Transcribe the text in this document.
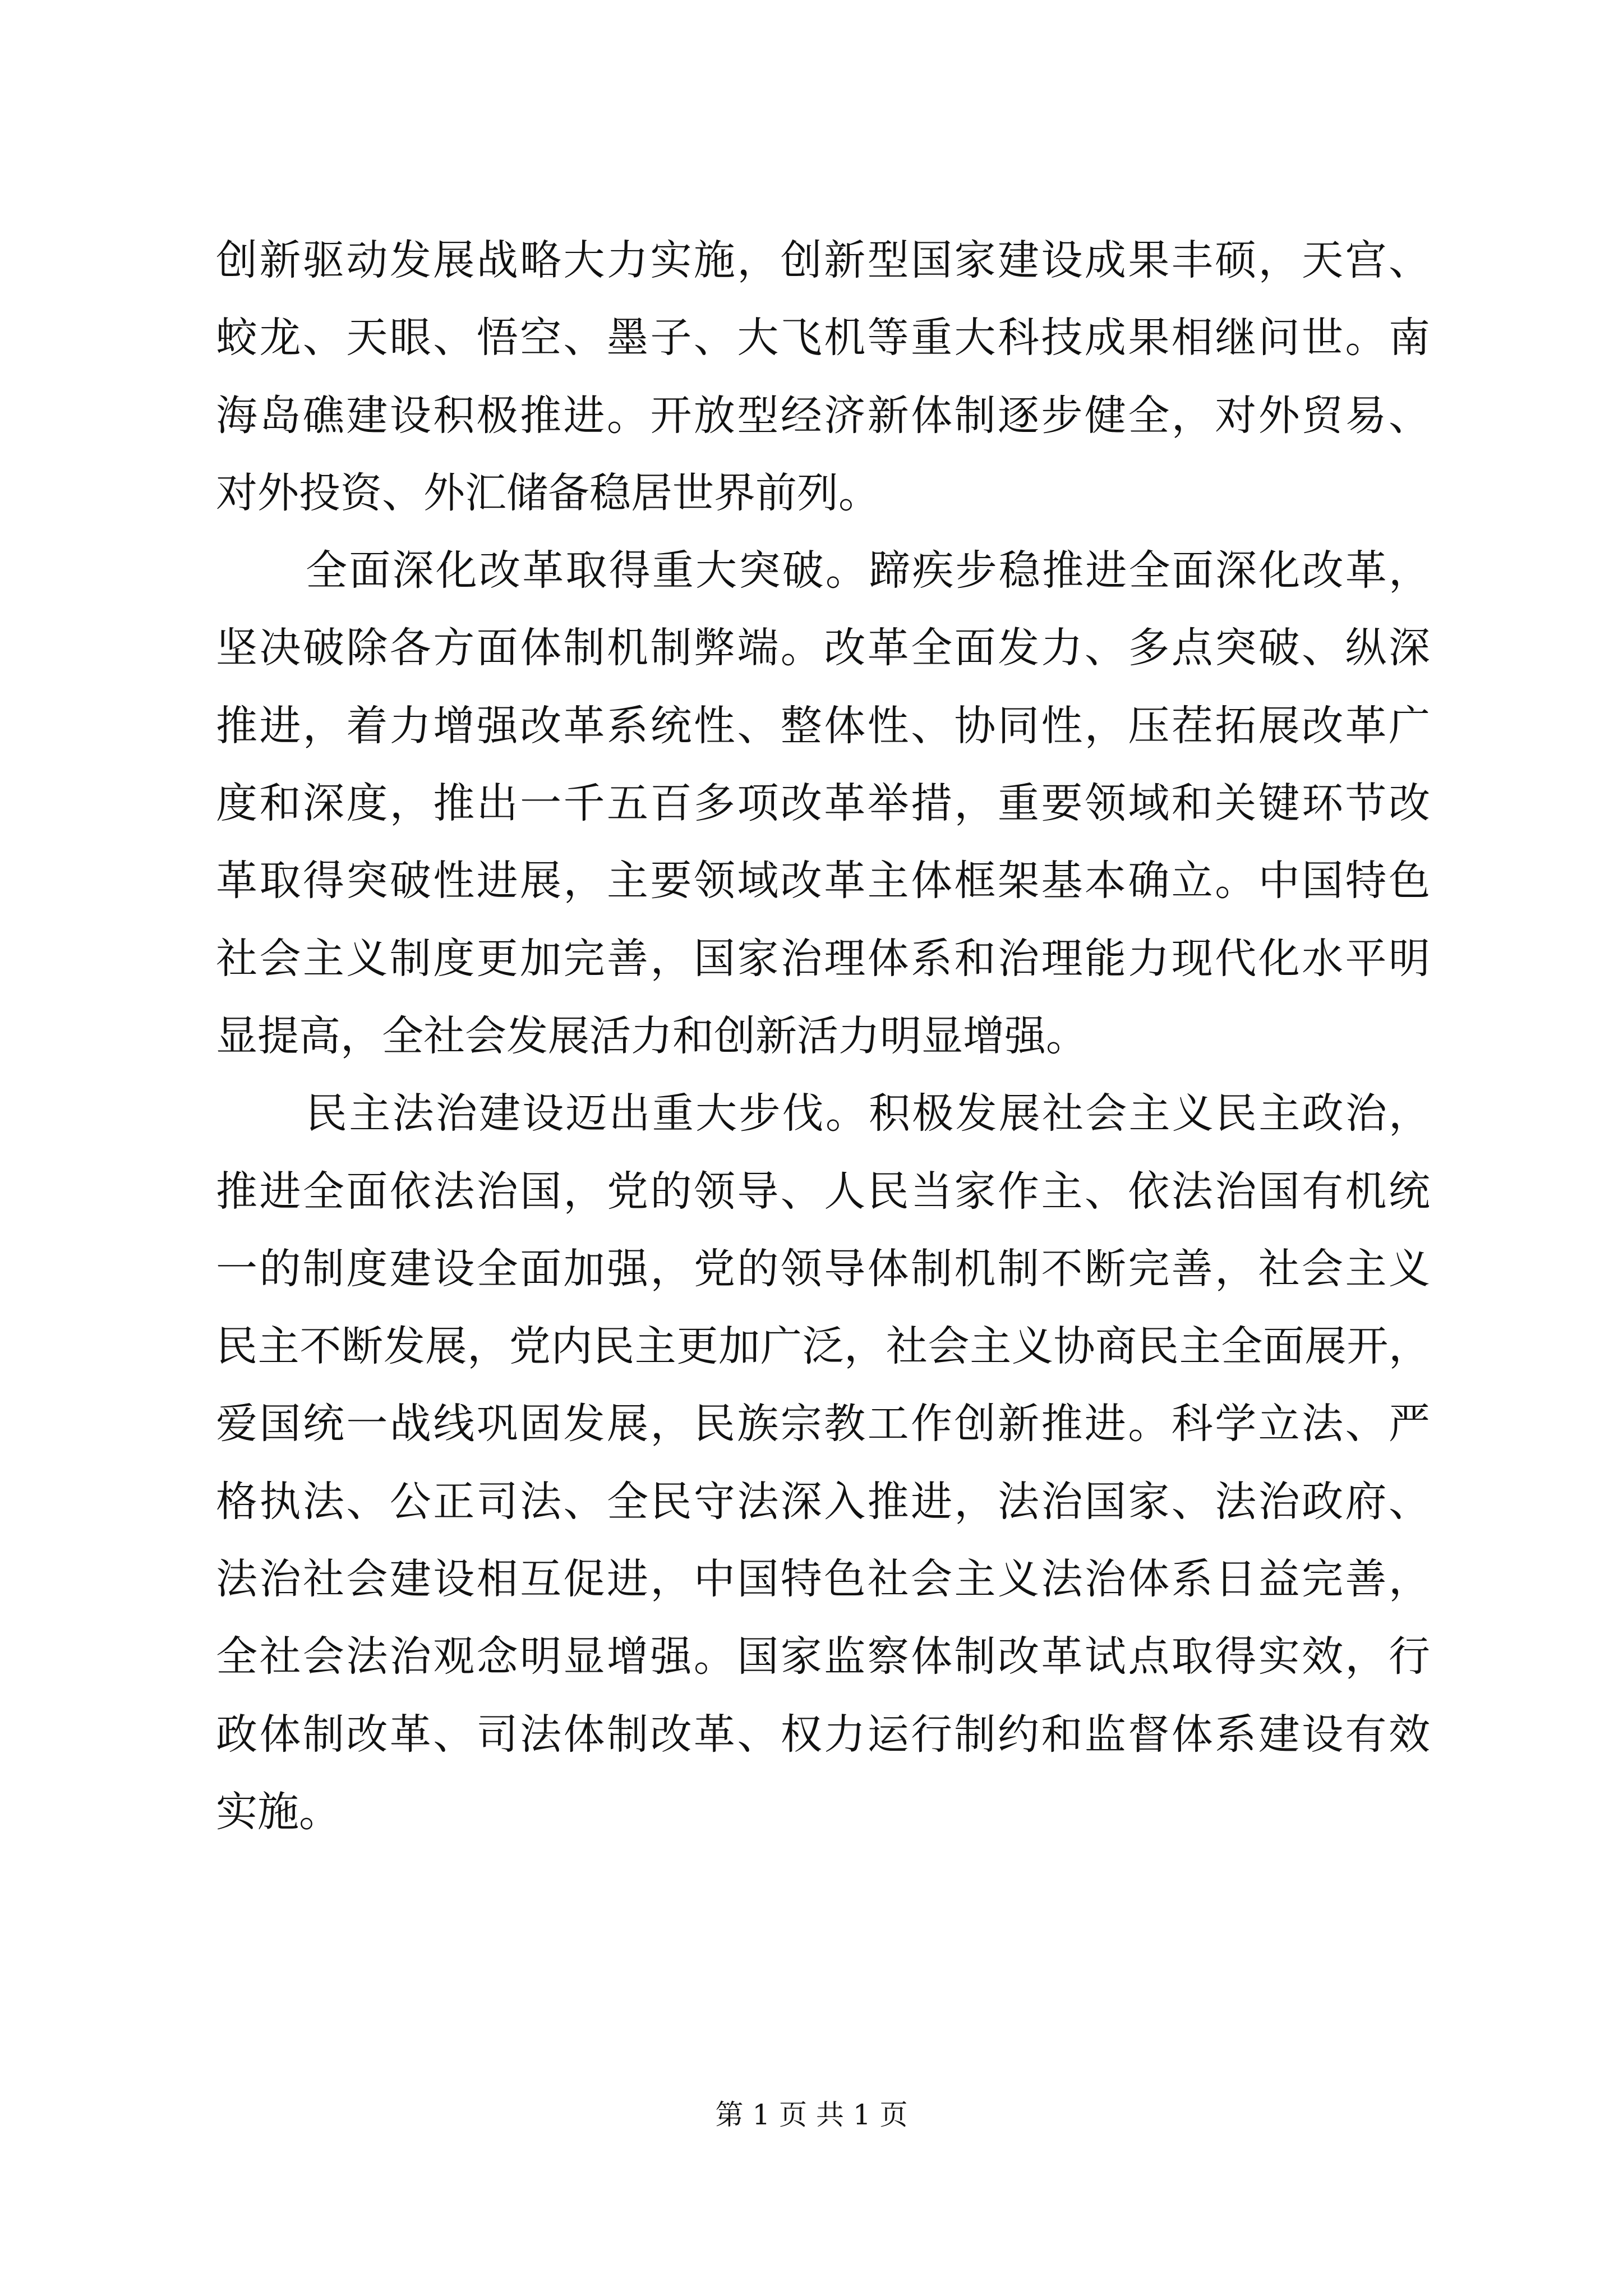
创新驱动发展战略大力实施，创新型国家建设成果丰硕，天宫、
蛟龙、天眼、悟空、墨子、大飞机等重大科技成果相继问世。南
海岛礁建设积极推进。开放型经济新体制逐步健全，对外贸易、
对外投资、外汇储备稳居世界前列。
全面深化改革取得重大突破。蹄疾步稳推进全面深化改革，
坚决破除各方面体制机制弊端。改革全面发力、多点突破、纵深
推进，着力增强改革系统性、整体性、协同性，压茬拓展改革广
度和深度，推出一千五百多项改革举措，重要领域和关键环节改
革取得突破性进展，主要领域改革主体框架基本确立。中国特色
社会主义制度更加完善，国家治理体系和治理能力现代化水平明
显提高，全社会发展活力和创新活力明显增强。
民主法治建设迈出重大步伐。积极发展社会主义民主政治，
推进全面依法治国，党的领导、人民当家作主、依法治国有机统
一的制度建设全面加强，党的领导体制机制不断完善，社会主义
民主不断发展，党内民主更加广泛，社会主义协商民主全面展开，
爱国统一战线巩固发展，民族宗教工作创新推进。科学立法、严
格执法、公正司法、全民守法深入推进，法治国家、法治政府、
法治社会建设相互促进，中国特色社会主义法治体系日益完善，
全社会法治观念明显增强。国家监察体制改革试点取得实效，行
政体制改革、司法体制改革、权力运行制约和监督体系建设有效
实施。
第 1 页 共 1 页
